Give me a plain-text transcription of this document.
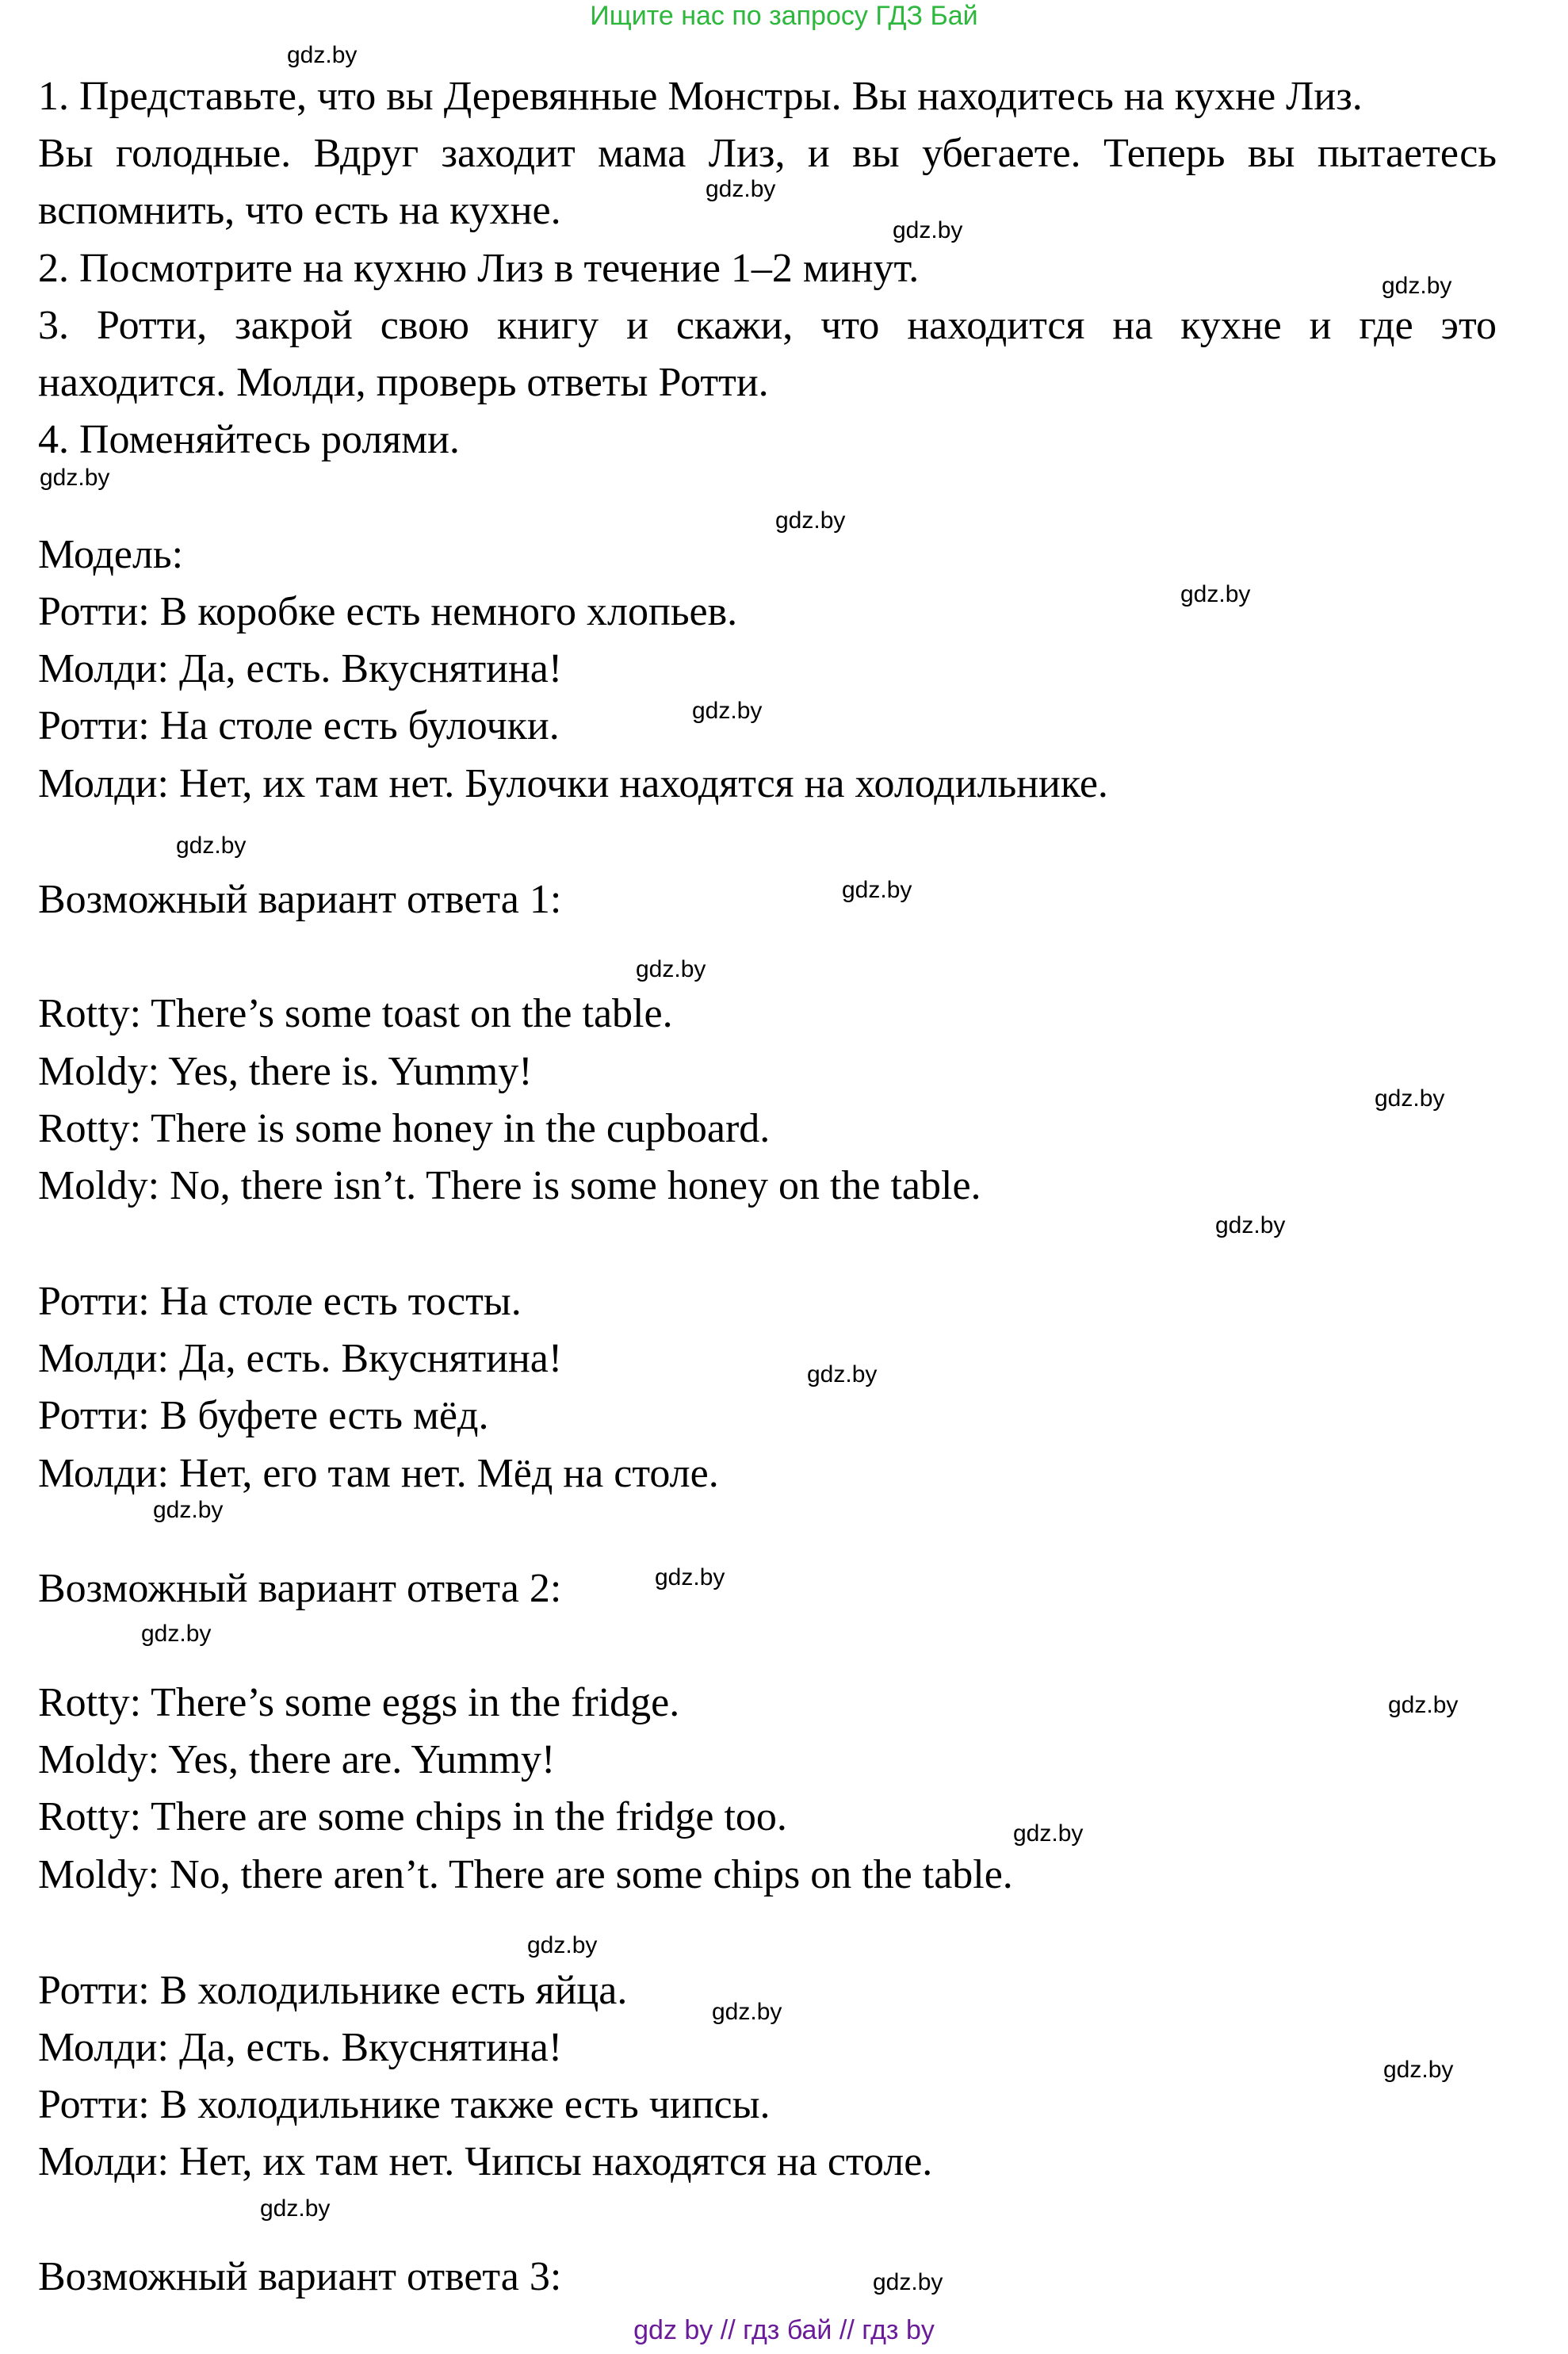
Ищите нас по запросу ГДЗ Бай
1. Представьте, что вы Деревянные Монстры. Вы находитесь на кухне Лиз.
Вы голодные. Вдруг заходит мама Лиз, и вы убегаете. Теперь вы пытаетесь
вспомнить, что есть на кухне.
2. Посмотрите на кухню Лиз в течение 1–2 минут.
3. Ротти, закрой свою книгу и скажи, что находится на кухне и где это
находится. Молди, проверь ответы Ротти.
4. Поменяйтесь ролями.
Модель:
Ротти: В коробке есть немного хлопьев.
Молди: Да, есть. Вкуснятина!
Ротти: На столе есть булочки.
Молди: Нет, их там нет. Булочки находятся на холодильнике.
Возможный вариант ответа 1:
Rotty: There’s some toast on the table.
Moldy: Yes, there is. Yummy!
Rotty: There is some honey in the cupboard.
Moldy: No, there isn’t. There is some honey on the table.
Ротти: На столе есть тосты.
Молди: Да, есть. Вкуснятина!
Ротти: В буфете есть мёд.
Молди: Нет, его там нет. Мёд на столе.
Возможный вариант ответа 2:
Rotty: There’s some eggs in the fridge.
Moldy: Yes, there are. Yummy!
Rotty: There are some chips in the fridge too.
Moldy: No, there aren’t. There are some chips on the table.
Ротти: В холодильнике есть яйца.
Молди: Да, есть. Вкуснятина!
Ротти: В холодильнике также есть чипсы.
Молди: Нет, их там нет. Чипсы находятся на столе.
Возможный вариант ответа 3:
gdz.by
gdz.by
gdz.by
gdz.by
gdz.by
gdz.by
gdz.by
gdz.by
gdz.by
gdz.by
gdz.by
gdz.by
gdz.by
gdz.by
gdz.by
gdz.by
gdz.by
gdz.by
gdz.by
gdz.by
gdz.by
gdz.by
gdz.by
gdz.by
gdz by // гдз бай // гдз by
